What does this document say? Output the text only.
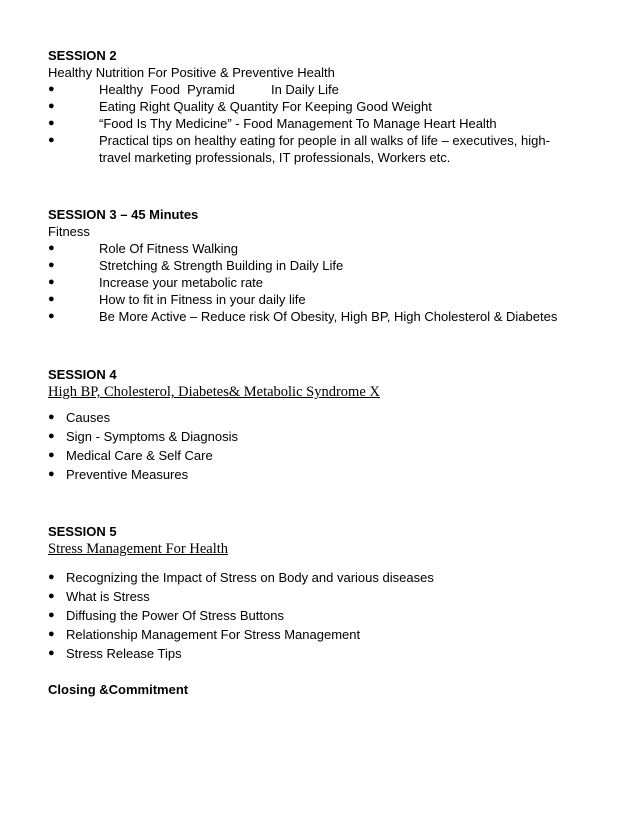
SESSION 2
Healthy Nutrition For Positive & Preventive Health
●	Healthy  Food  Pyramid          In Daily Life
●	Eating Right Quality & Quantity For Keeping Good Weight
●	“Food Is Thy Medicine” - Food Management To Manage Heart Health
●	Practical tips on healthy eating for people in all walks of life – executives, high-travel marketing professionals, IT professionals, Workers etc.
SESSION 3 – 45 Minutes
Fitness
●	Role Of Fitness Walking
●	Stretching & Strength Building in Daily Life
●	Increase your metabolic rate
●	How to fit in Fitness in your daily life
●	Be More Active – Reduce risk Of Obesity, High BP, High Cholesterol & Diabetes
SESSION 4
High BP, Cholesterol, Diabetes& Metabolic Syndrome X
● Causes
● Sign - Symptoms & Diagnosis
● Medical Care & Self Care
● Preventive Measures
SESSION 5
Stress Management For Health
● Recognizing the Impact of Stress on Body and various diseases
● What is Stress
● Diffusing the Power Of Stress Buttons
● Relationship Management For Stress Management
● Stress Release Tips
Closing &Commitment
